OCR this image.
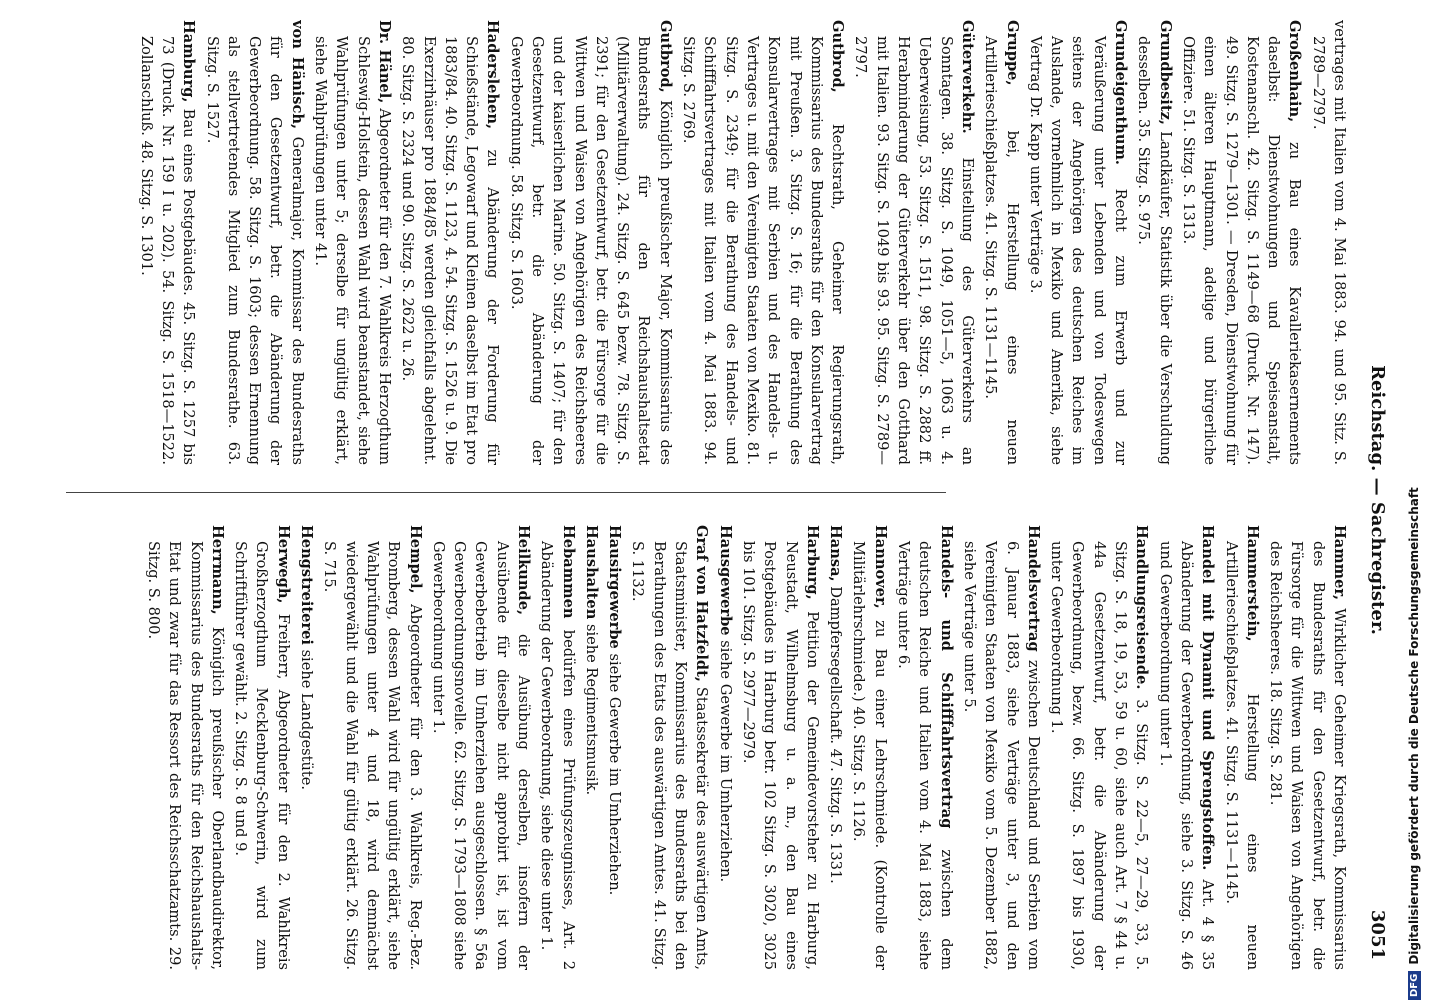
Reichstag. — Sachregister.
3051

vertrages mit Italien vom 4. Mai 1883. 94. und 95. Sitz. S. 2789—2797.

Großenhain, zu Bau eines Kavalleriekasernements daselbst: Dienstwohnungen und Speiseanstalt, Kostenanschl. 42. Sitzg. S. 1149—68 (Druck. Nr. 147). 49. Sitzg. S. 1279—1301. — Dresden, Dienstwohnung für einen älteren Hauptmann, adelige und bürgerliche Offiziere. 51. Sitzg. S. 1313.

Grundbesitz, Landkäufer, Statistik über die Verschuldung desselben. 35. Sitzg. S. 975.

Grundeigenthum. Recht zum Erwerb und zur Veräußerung unter Lebenden und von Todeswegen seitens der Angehörigen des deutschen Reiches im Auslande, vornehmlich in Mexiko und Amerika, siehe Vertrag Dr. Kapp unter Verträge 3.

Gruppe, bei, Herstellung eines neuen Artillerieschießplatzes. 41. Sitzg. S. 1131—1145.

Güterverkehr. Einstellung des Güterverkehrs an Sonntagen. 38. Sitzg. S. 1049, 1051—5, 1063 u. 4. Ueberweisung, 53. Sitzg. S. 1511, 98. Sitzg. S. 2882 ff. Herabminderung der Güterverkehr über den Gotthard mit Italien. 93. Sitzg. S. 1049 bis 93. 95. Sitzg. S. 2789—2797.

Gutbrod, Rechtsrath, Geheimer Regierungsrath, Kommissarius des Bundesraths für den Konsularvertrag mit Preußen. 3. Sitzg. S. 16; für die Berathung des Konsularvertrages mit Serbien und des Handels- u. Vertrages u. mit den Vereinigten Staaten von Mexiko. 81. Sitzg. S. 2349; für die Berathung des Handels- und Schifffahrtsvertrages mit Italien vom 4. Mai 1883. 94. Sitzg. S. 2769.

Gutbrod, Königlich preußischer Major, Kommissarius des Bundesraths für den Reichshaushaltsetat (Militärverwaltung). 24. Sitzg. S. 645 bezw. 78. Sitzg. S. 2391; für den Gesetzentwurf, betr. die Fürsorge für die Wittwen und Waisen von Angehörigen des Reichsheeres und der kaiserlichen Marine. 50. Sitzg. S. 1407; für den Gesetzentwurf, betr. die Abänderung der Gewerbeordnung. 58. Sitzg. S. 1603.

Haderslehen, zu Abänderung der Forderung für Schießstände, Legowarf und Kleinen daselbst im Etat pro 1883/84. 40. Sitzg. S. 1123, 4. 54. Sitzg. S. 1526 u. 9. Die Exerzirhäuser pro 1884/85 werden gleichfalls abgelehnt. 80. Sitzg. S. 2324 und 90. Sitzg. S. 2622 u. 26.

Dr. Hänel, Abgeordneter für den 7. Wahlkreis Herzogthum Schleswig-Holstein, dessen Wahl wird beanstandet, siehe Wahlprüfungen unter 5; derselbe für ungültig erklärt, siehe Wahlprüfungen unter 41.

von Hänisch, Generalmajor, Kommissar des Bundesraths für den Gesetzentwurf, betr. die Abänderung der Gewerbeordnung. 58. Sitzg. S. 1603; dessen Ernennung als stellvertretendes Mitglied zum Bundesrathe. 63. Sitzg. S. 1527.

Hamburg, Bau eines Postgebäudes. 45. Sitzg. S. 1257 bis 73 (Druck. Nr. 159 I u. 202). 54. Sitzg. S. 1518—1522. Zollanschluß. 48. Sitzg. S. 1301.

Hammer, Wirklicher Geheimer Kriegsrath, Kommissarius des Bundesraths für den Gesetzentwurf, betr. die Fürsorge für die Wittwen und Waisen von Angehörigen des Reichsheeres. 18. Sitzg. S. 281.

Hammerstein, Herstellung eines neuen Artillerieschießplatzes. 41. Sitzg. S. 1131—1145.

Handel mit Dynamit und Sprengstoffen. Art. 4 § 35 Abänderung der Gewerbeordnung, siehe 3. Sitzg. S. 46 und Gewerbeordnung unter 1.

Handlungsreisende. 3. Sitzg. S. 22—5, 27—29, 33, 5. Sitzg. S. 18, 19, 53, 59 u. 60, siehe auch Art. 7 § 44 u. 44a Gesetzentwurf, betr. die Abänderung der Gewerbeordnung, bezw. 66. Sitzg. S. 1897 bis 1930, unter Gewerbeordnung 1.

Handelsvertrag zwischen Deutschland und Serbien vom 6. Januar 1883, siehe Verträge unter 3, und den Vereinigten Staaten von Mexiko vom 5. Dezember 1882, siehe Verträge unter 5.

Handels- und Schifffahrtsvertrag zwischen dem deutschen Reiche und Italien vom 4. Mai 1883, siehe Verträge unter 6.

Hannover, zu Bau einer Lehrschmiede. (Kontrolle der Militärlehrschmiede.) 40. Sitzg. S. 1126.

Hansa, Dampfersegellschaft. 47. Sitzg. S. 1331.

Harburg, Petition der Gemeindevorsteher zu Harburg, Neustadt, Wilhelmsburg u. a. m., den Bau eines Postgebäudes in Harburg betr. 102 Sitzg. S. 3020, 3025 bis 101. Sitzg. S. 2977—2979.

Hausgewerbe siehe Gewerbe im Umherziehen.

Graf von Hatzfeldt, Staatssekretär des auswärtigen Amts, Staatsminister, Kommissarius des Bundesraths bei den Berathungen des Etats des auswärtigen Amtes. 41. Sitzg. S. 1132.

Hausirgewerbe siehe Gewerbe im Umherziehen.

Haushalten siehe Regimentsmusik.

Hebammen bedürfen eines Prüfungszeugnisses, Art. 2 Abänderung der Gewerbeordnung, siehe diese unter 1.

Heilkunde, die Ausübung derselben, insofern der Ausübende für dieselbe nicht approbirt ist, ist vom Gewerbebetrieb im Umherziehen ausgeschlossen. § 56a Gewerbeordnungsnovelle. 62. Sitzg. S. 1793—1808 siehe Gewerbeordnung unter 1.

Hempel, Abgeordneter für den 3. Wahlkreis, Reg.-Bez. Bromberg, dessen Wahl wird für ungültig erklärt, siehe Wahlprüfungen unter 4 und 18, wird demnächst wiedergewählt und die Wahl für gültig erklärt. 26. Sitzg. S. 715.

Hengstreiterei siehe Landgestüte.

Herwegh, Freiherr, Abgeordneter für den 2. Wahlkreis Großherzogthum Mecklenburg-Schwerin, wird zum Schriftführer gewählt. 2. Sitzg. S. 8 und 9.

Herrmann, Königlich preußischer Oberlandbaudirektor, Kommissarius des Bundesraths für den Reichshaushalts-Etat und zwar für das Ressort des Reichsschatzamts. 29. Sitzg. S. 800.

DFGDigitalisierung gefördert durch die Deutsche Forschungsgemeinschaft
